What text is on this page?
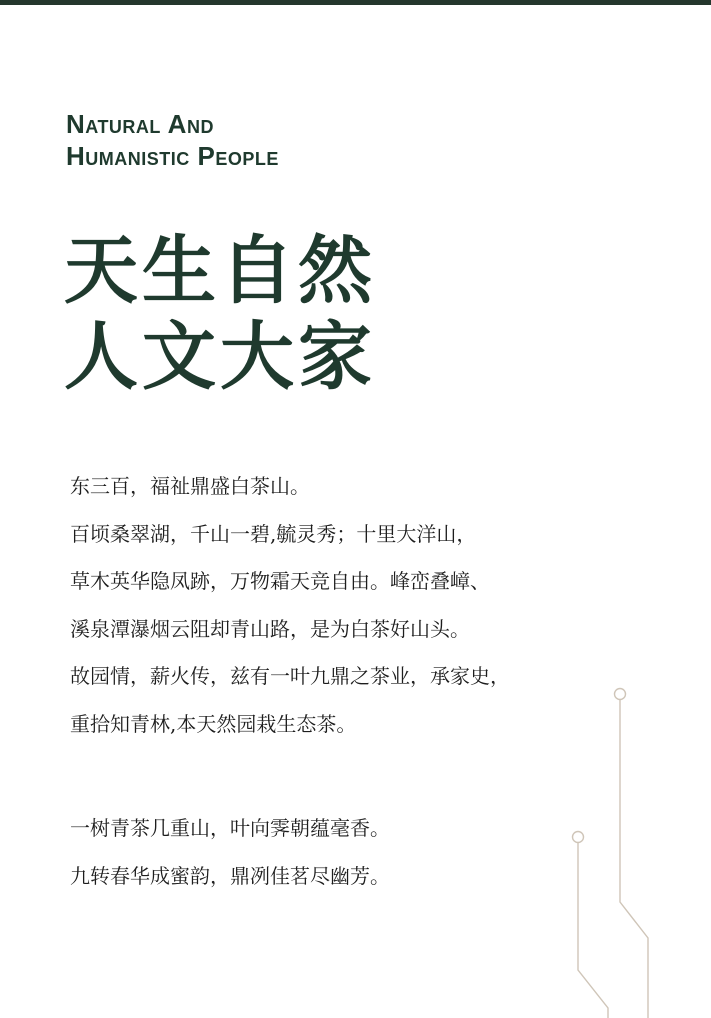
Natural And
Humanistic People
天生自然
人文大家

东三百，福祉鼎盛白茶山。
百顷桑翠湖，千山一碧,毓灵秀；十里大洋山，
草木英华隐凤跡，万物霜天竞自由。峰峦叠嶂、
溪泉潭瀑烟云阻却青山路，是为白茶好山头。
故园情，薪火传，兹有一叶九鼎之茶业，承家史，
重拾知青林,本天然园栽生态茶。

一树青茶几重山，叶向霁朝蕴毫香。
九转春华成蜜韵，鼎冽佳茗尽幽芳。
